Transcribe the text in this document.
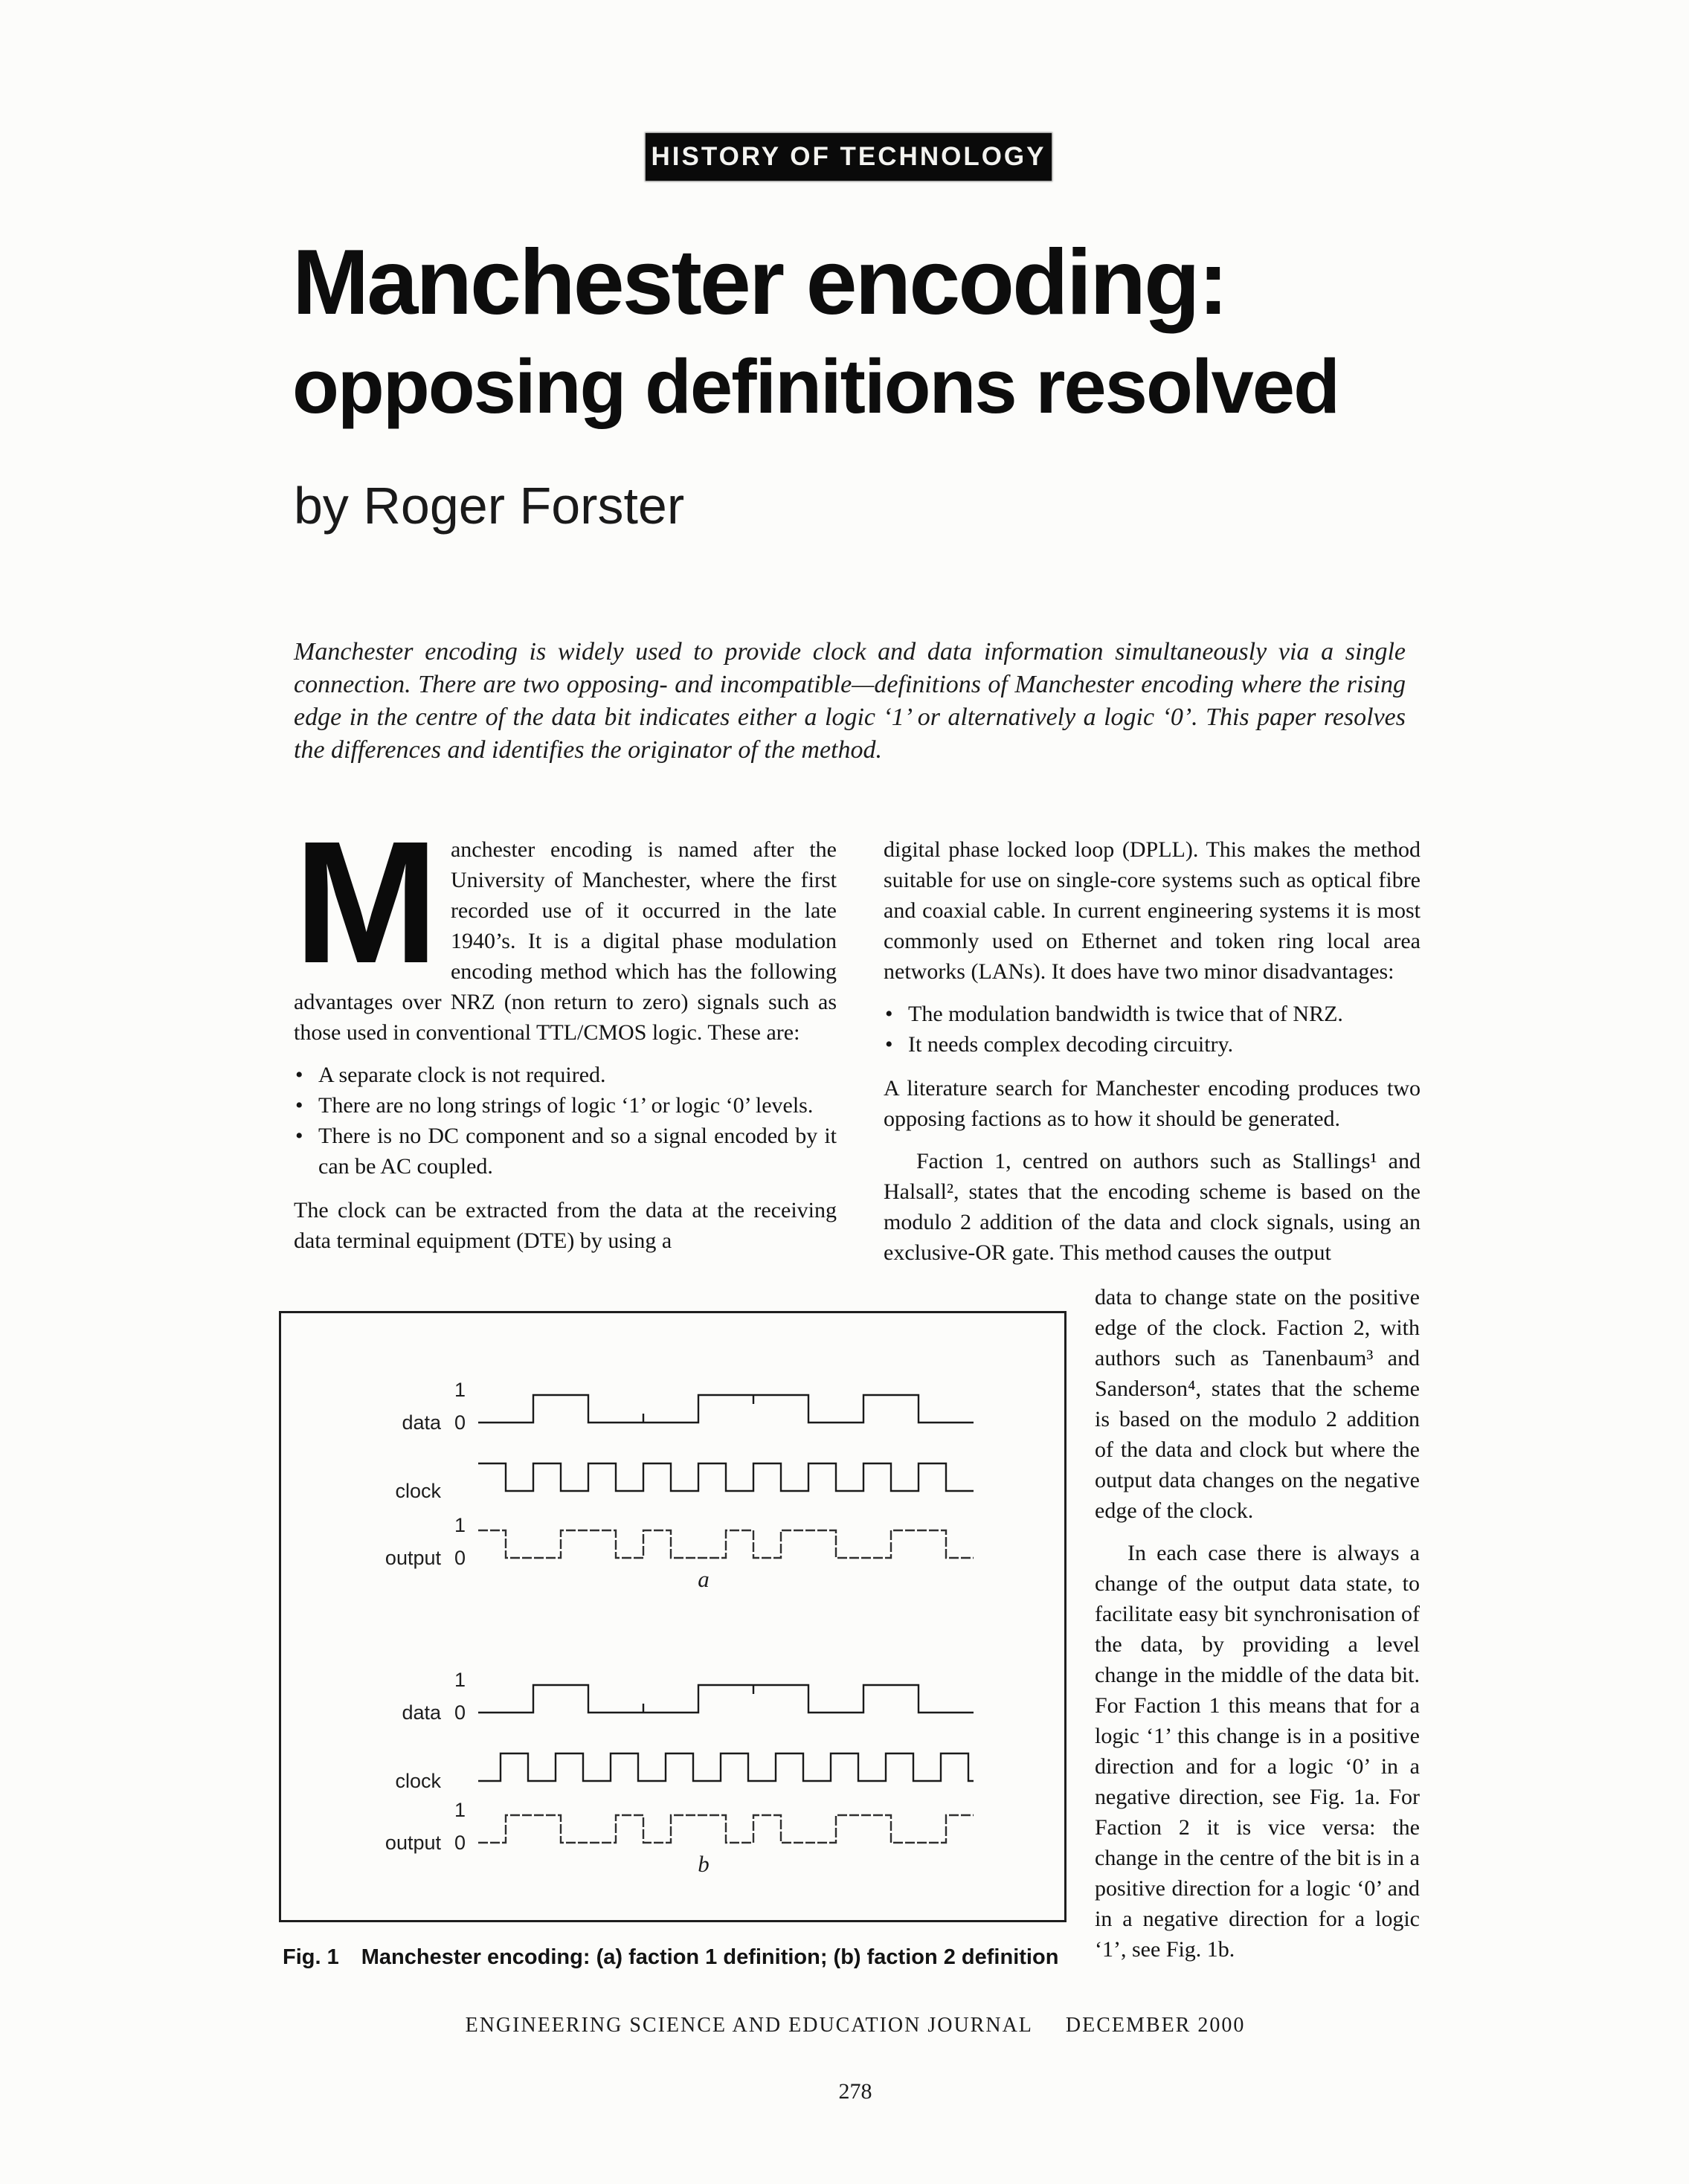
HISTORY OF TECHNOLOGY
Manchester encoding:
opposing definitions resolved
by Roger Forster
Manchester encoding is widely used to provide clock and data information simultaneously via a single connection. There are two opposing- and incompatible—definitions of Manchester encoding where the rising edge in the centre of the data bit indicates either a logic ‘1’ or alternatively a logic ‘0’. This paper resolves the differences and identifies the originator of the method.
Manchester encoding is named after the University of Manchester, where the first recorded use of it occurred in the late 1940’s. It is a digital phase modulation encoding method which has the following advantages over NRZ (non return to zero) signals such as those used in conventional TTL/CMOS logic. These are:
• A separate clock is not required.
• There are no long strings of logic ‘1’ or logic ‘0’ levels.
• There is no DC component and so a signal encoded by it can be AC coupled.
The clock can be extracted from the data at the receiving data terminal equipment (DTE) by using a
digital phase locked loop (DPLL). This makes the method suitable for use on single-core systems such as optical fibre and coaxial cable. In current engineering systems it is most commonly used on Ethernet and token ring local area networks (LANs). It does have two minor disadvantages:
• The modulation bandwidth is twice that of NRZ.
• It needs complex decoding circuitry.
A literature search for Manchester encoding produces two opposing factions as to how it should be generated.
Faction 1, centred on authors such as Stallings¹ and Halsall², states that the encoding scheme is based on the modulo 2 addition of the data and clock signals, using an exclusive-OR gate. This method causes the output
data to change state on the positive edge of the clock. Faction 2, with authors such as Tanenbaum³ and Sanderson⁴, states that the scheme is based on the modulo 2 addition of the data and clock but where the output data changes on the negative edge of the clock.
In each case there is always a change of the output data state, to facilitate easy bit synchronisation of the data, by providing a level change in the middle of the data bit. For Faction 1 this means that for a logic ‘1’ this change is in a positive direction and for a logic ‘0’ in a negative direction, see Fig. 1a. For Faction 2 it is vice versa: the change in the centre of the bit is in a positive direction for a logic ‘0’ and in a negative direction for a logic ‘1’, see Fig. 1b.
data
clock
output
1
0
1
0
a
data
clock
output
1
0
1
0
b
Fig. 1 Manchester encoding: (a) faction 1 definition; (b) faction 2 definition
ENGINEERING SCIENCE AND EDUCATION JOURNAL DECEMBER 2000
278
